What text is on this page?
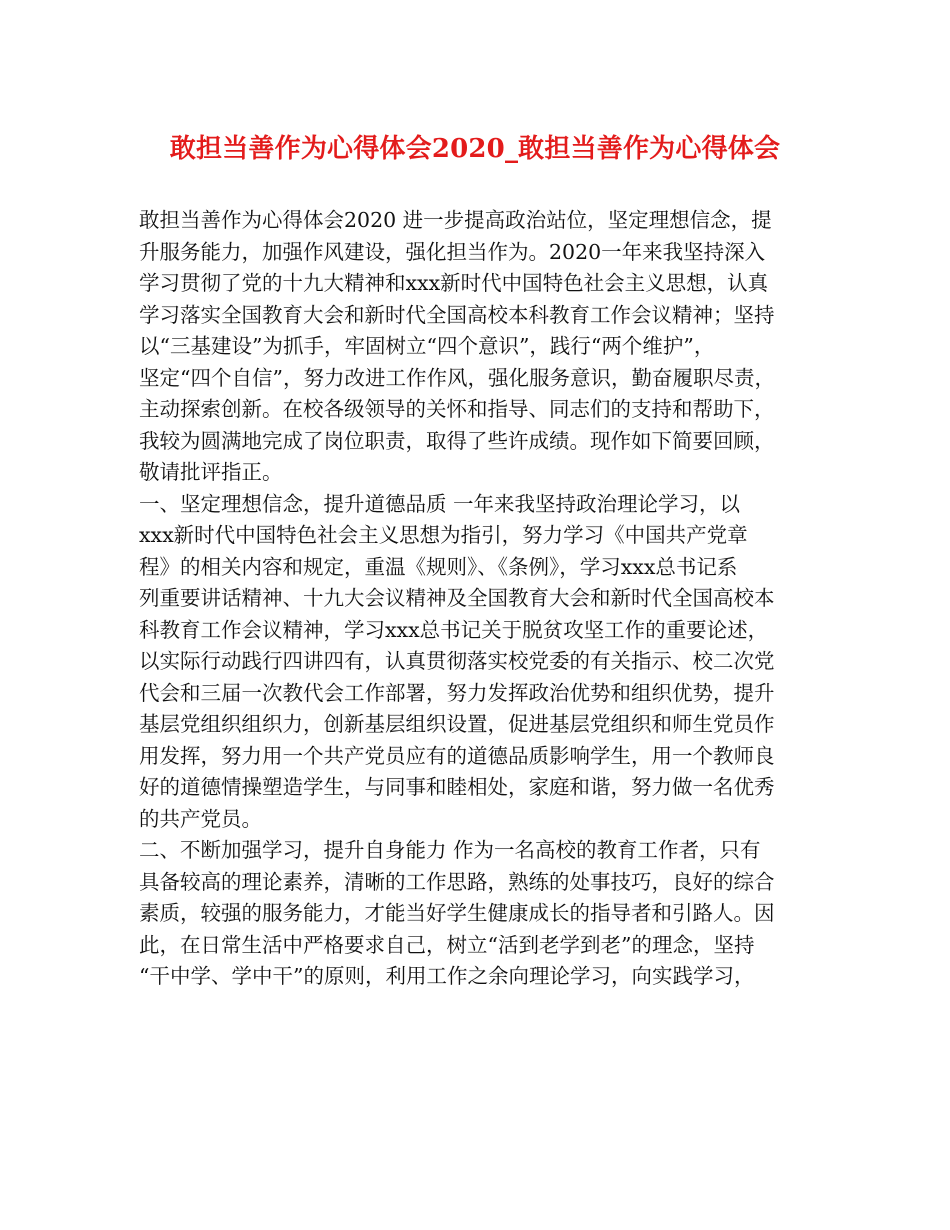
敢担当善作为心得体会2020_敢担当善作为心得体会
敢担当善作为心得体会2020 进一步提高政治站位，坚定理想信念，提
升服务能力，加强作风建设，强化担当作为。2020一年来我坚持深入
学习贯彻了党的十九大精神和xxx新时代中国特色社会主义思想，认真
学习落实全国教育大会和新时代全国高校本科教育工作会议精神；坚持
以“三基建设”为抓手，牢固树立“四个意识”，践行“两个维护”，
坚定“四个自信”，努力改进工作作风，强化服务意识，勤奋履职尽责，
主动探索创新。在校各级领导的关怀和指导、同志们的支持和帮助下，
我较为圆满地完成了岗位职责，取得了些许成绩。现作如下简要回顾，
敬请批评指正。
一、坚定理想信念，提升道德品质 一年来我坚持政治理论学习，以
xxx新时代中国特色社会主义思想为指引，努力学习《中国共产党章
程》的相关内容和规定，重温《规则》、《条例》，学习xxx总书记系
列重要讲话精神、十九大会议精神及全国教育大会和新时代全国高校本
科教育工作会议精神，学习xxx总书记关于脱贫攻坚工作的重要论述，
以实际行动践行四讲四有，认真贯彻落实校党委的有关指示、校二次党
代会和三届一次教代会工作部署，努力发挥政治优势和组织优势，提升
基层党组织组织力，创新基层组织设置，促进基层党组织和师生党员作
用发挥，努力用一个共产党员应有的道德品质影响学生，用一个教师良
好的道德情操塑造学生，与同事和睦相处，家庭和谐，努力做一名优秀
的共产党员。
二、不断加强学习，提升自身能力 作为一名高校的教育工作者，只有
具备较高的理论素养，清晰的工作思路，熟练的处事技巧，良好的综合
素质，较强的服务能力，才能当好学生健康成长的指导者和引路人。因
此，在日常生活中严格要求自己，树立“活到老学到老”的理念，坚持
“干中学、学中干”的原则，利用工作之余向理论学习，向实践学习，
